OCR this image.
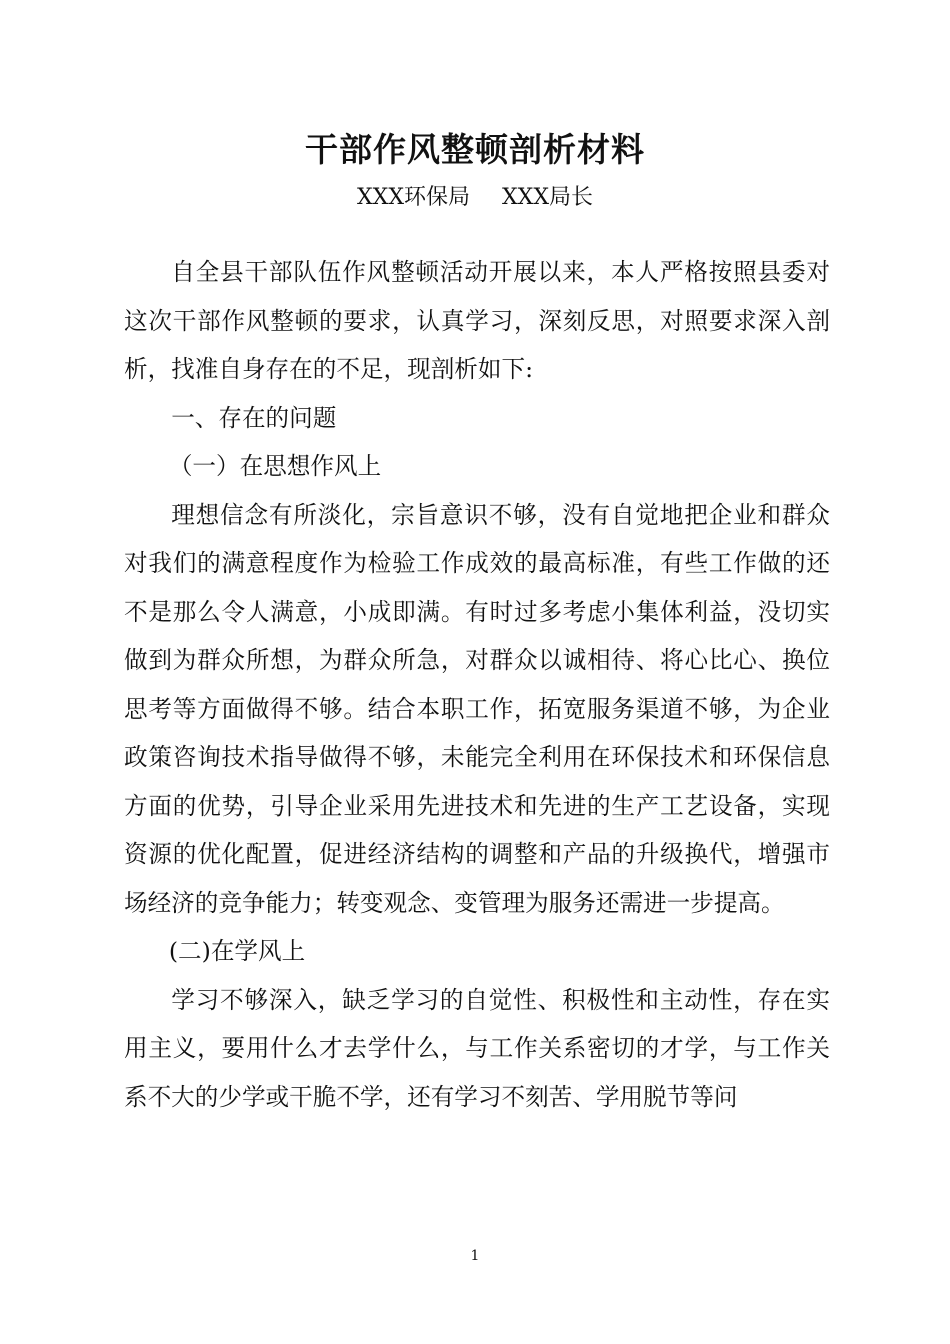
干部作风整顿剖析材料
XXX环保局 XXX局长

自全县干部队伍作风整顿活动开展以来，本人严格按照县委对这次干部作风整顿的要求，认真学习，深刻反思，对照要求深入剖析，找准自身存在的不足，现剖析如下:

一、存在的问题

（一）在思想作风上

理想信念有所淡化，宗旨意识不够，没有自觉地把企业和群众对我们的满意程度作为检验工作成效的最高标准，有些工作做的还不是那么令人满意，小成即满。有时过多考虑小集体利益，没切实做到为群众所想，为群众所急，对群众以诚相待、将心比心、换位思考等方面做得不够。结合本职工作，拓宽服务渠道不够，为企业政策咨询技术指导做得不够，未能完全利用在环保技术和环保信息方面的优势，引导企业采用先进技术和先进的生产工艺设备，实现资源的优化配置，促进经济结构的调整和产品的升级换代，增强市场经济的竞争能力；转变观念、变管理为服务还需进一步提高。

(二)在学风上

学习不够深入，缺乏学习的自觉性、积极性和主动性，存在实用主义，要用什么才去学什么，与工作关系密切的才学，与工作关系不大的少学或干脆不学，还有学习不刻苦、学用脱节等问

1
